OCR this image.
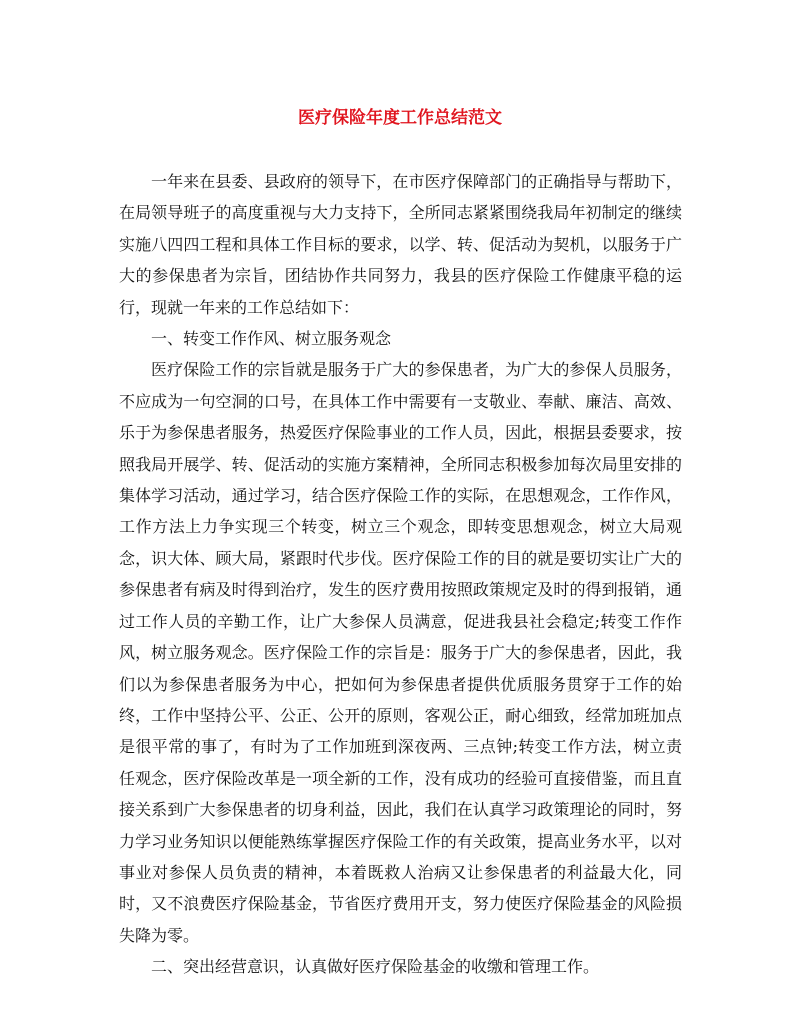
医疗保险年度工作总结范文

一年来在县委、县政府的领导下，在市医疗保障部门的正确指导与帮助下，在局领导班子的高度重视与大力支持下，全所同志紧紧围绕我局年初制定的继续实施八四四工程和具体工作目标的要求，以学、转、促活动为契机，以服务于广大的参保患者为宗旨，团结协作共同努力，我县的医疗保险工作健康平稳的运行，现就一年来的工作总结如下：

一、转变工作作风、树立服务观念

医疗保险工作的宗旨就是服务于广大的参保患者，为广大的参保人员服务，不应成为一句空洞的口号，在具体工作中需要有一支敬业、奉献、廉洁、高效、乐于为参保患者服务，热爱医疗保险事业的工作人员，因此，根据县委要求，按照我局开展学、转、促活动的实施方案精神，全所同志积极参加每次局里安排的集体学习活动，通过学习，结合医疗保险工作的实际，在思想观念，工作作风，工作方法上力争实现三个转变，树立三个观念，即转变思想观念，树立大局观念，识大体、顾大局，紧跟时代步伐。医疗保险工作的目的就是要切实让广大的参保患者有病及时得到治疗，发生的医疗费用按照政策规定及时的得到报销，通过工作人员的辛勤工作，让广大参保人员满意，促进我县社会稳定;转变工作作风，树立服务观念。医疗保险工作的宗旨是：服务于广大的参保患者，因此，我们以为参保患者服务为中心，把如何为参保患者提供优质服务贯穿于工作的始终，工作中坚持公平、公正、公开的原则，客观公正，耐心细致，经常加班加点是很平常的事了，有时为了工作加班到深夜两、三点钟;转变工作方法，树立责任观念，医疗保险改革是一项全新的工作，没有成功的经验可直接借鉴，而且直接关系到广大参保患者的切身利益，因此，我们在认真学习政策理论的同时，努力学习业务知识以便能熟练掌握医疗保险工作的有关政策，提高业务水平，以对事业对参保人员负责的精神，本着既救人治病又让参保患者的利益最大化，同时，又不浪费医疗保险基金，节省医疗费用开支，努力使医疗保险基金的风险损失降为零。

二、突出经营意识，认真做好医疗保险基金的收缴和管理工作。
